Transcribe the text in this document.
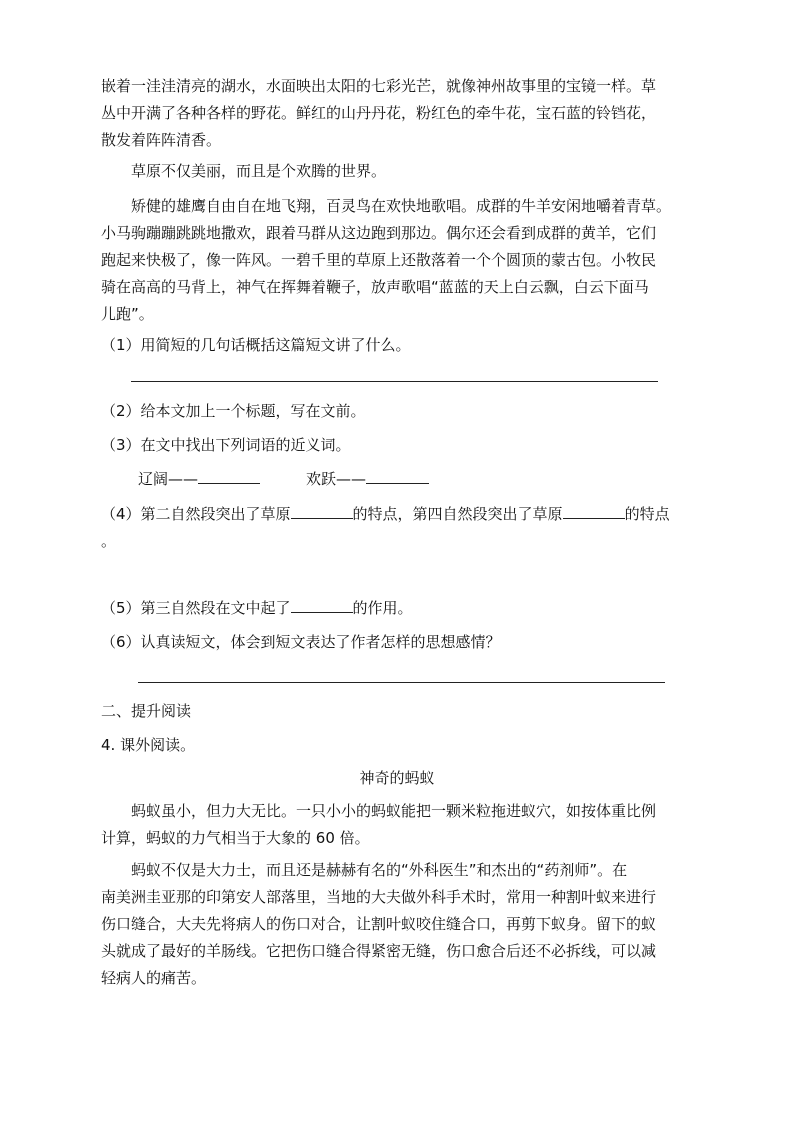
嵌着一洼洼清亮的湖水，水面映出太阳的七彩光芒，就像神州故事里的宝镜一样。草
丛中开满了各种各样的野花。鲜红的山丹丹花，粉红色的牵牛花，宝石蓝的铃铛花，
散发着阵阵清香。
草原不仅美丽，而且是个欢腾的世界。
矫健的雄鹰自由自在地飞翔，百灵鸟在欢快地歌唱。成群的牛羊安闲地嚼着青草。
小马驹蹦蹦跳跳地撒欢，跟着马群从这边跑到那边。偶尔还会看到成群的黄羊，它们
跑起来快极了，像一阵风。一碧千里的草原上还散落着一个个圆顶的蒙古包。小牧民
骑在高高的马背上，神气在挥舞着鞭子，放声歌唱“蓝蓝的天上白云飘，白云下面马
儿跑”。
（1）用简短的几句话概括这篇短文讲了什么。
（2）给本文加上一个标题，写在文前。
（3）在文中找出下列词语的近义词。
辽阔——	欢跃——
（4）第二自然段突出了草原	的特点，第四自然段突出了草原	的特点
。
（5）第三自然段在文中起了	的作用。
（6）认真读短文，体会到短文表达了作者怎样的思想感情？
二、提升阅读
4. 课外阅读。
神奇的蚂蚁
蚂蚁虽小，但力大无比。一只小小的蚂蚁能把一颗米粒拖进蚁穴，如按体重比例
计算，蚂蚁的力气相当于大象的 60 倍。
蚂蚁不仅是大力士，而且还是赫赫有名的“外科医生”和杰出的“药剂师”。在
南美洲圭亚那的印第安人部落里，当地的大夫做外科手术时，常用一种割叶蚁来进行
伤口缝合，大夫先将病人的伤口对合，让割叶蚁咬住缝合口，再剪下蚁身。留下的蚁
头就成了最好的羊肠线。它把伤口缝合得紧密无缝，伤口愈合后还不必拆线，可以减
轻病人的痛苦。
